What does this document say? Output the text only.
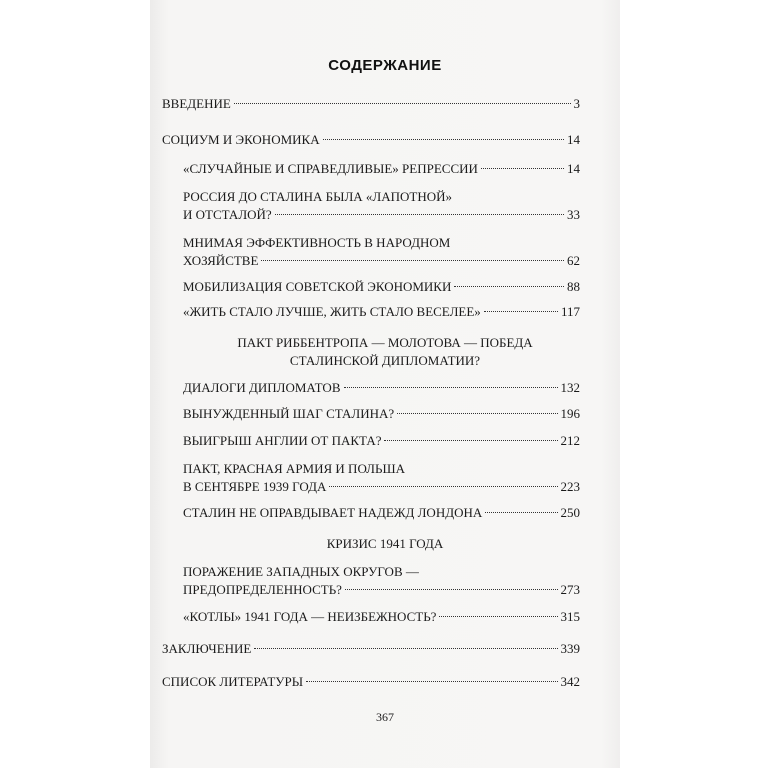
СОДЕРЖАНИЕ
ВВЕДЕНИЕ	3
СОЦИУМ И ЭКОНОМИКА	14
«СЛУЧАЙНЫЕ И СПРАВЕДЛИВЫЕ» РЕПРЕССИИ	14
РОССИЯ ДО СТАЛИНА БЫЛА «ЛАПОТНОЙ»
И ОТСТАЛОЙ?	33
МНИМАЯ ЭФФЕКТИВНОСТЬ В НАРОДНОМ
ХОЗЯЙСТВЕ	62
МОБИЛИЗАЦИЯ СОВЕТСКОЙ ЭКОНОМИКИ	88
«ЖИТЬ СТАЛО ЛУЧШЕ, ЖИТЬ СТАЛО ВЕСЕЛЕЕ»	117
ПАКТ РИББЕНТРОПА — МОЛОТОВА — ПОБЕДА
СТАЛИНСКОЙ ДИПЛОМАТИИ?
ДИАЛОГИ ДИПЛОМАТОВ	132
ВЫНУЖДЕННЫЙ ШАГ СТАЛИНА?	196
ВЫИГРЫШ АНГЛИИ ОТ ПАКТА?	212
ПАКТ, КРАСНАЯ АРМИЯ И ПОЛЬША
В СЕНТЯБРЕ 1939 ГОДА	223
СТАЛИН НЕ ОПРАВДЫВАЕТ НАДЕЖД ЛОНДОНА	250
КРИЗИС 1941 ГОДА
ПОРАЖЕНИЕ ЗАПАДНЫХ ОКРУГОВ —
ПРЕДОПРЕДЕЛЕННОСТЬ?	273
«КОТЛЫ» 1941 ГОДА — НЕИЗБЕЖНОСТЬ?	315
ЗАКЛЮЧЕНИЕ	339
СПИСОК ЛИТЕРАТУРЫ	342
367
